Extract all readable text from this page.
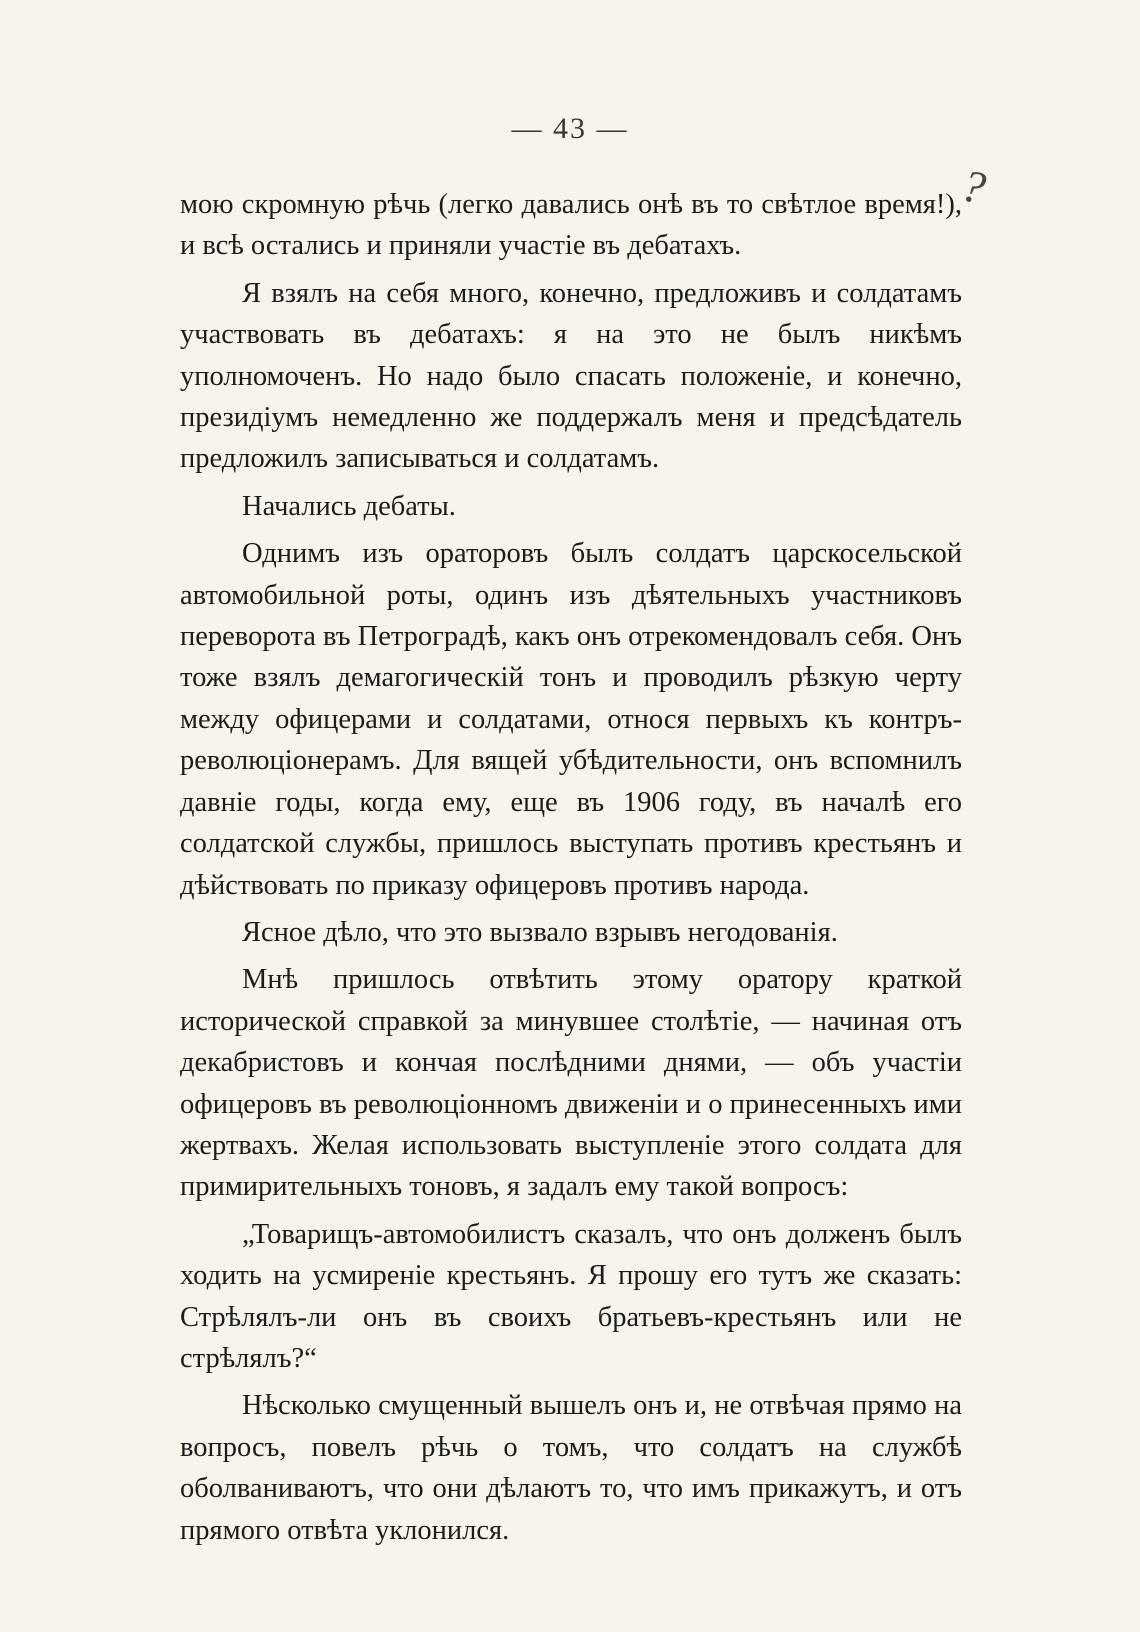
— 43 —
?

мою скромную рѣчь (легко давались онѣ въ то свѣтлое время!), и всѣ остались и приняли участіе въ дебатахъ.

Я взялъ на себя много, конечно, предложивъ и солдатамъ участвовать въ дебатахъ: я на это не былъ никѣмъ уполномоченъ. Но надо было спасать положеніе, и конечно, президіумъ немедленно же поддержалъ меня и предсѣдатель предложилъ записываться и солдатамъ.

Начались дебаты.

Однимъ изъ ораторовъ былъ солдатъ царскосельской автомобильной роты, одинъ изъ дѣятельныхъ участниковъ переворота въ Петроградѣ, какъ онъ отрекомендовалъ себя. Онъ тоже взялъ демагогическій тонъ и проводилъ рѣзкую черту между офицерами и солдатами, относя первыхъ къ контръ-революціонерамъ. Для вящей убѣдительности, онъ вспомнилъ давніе годы, когда ему, еще въ 1906 году, въ началѣ его солдатской службы, пришлось выступать противъ крестьянъ и дѣйствовать по приказу офицеровъ противъ народа.

Ясное дѣло, что это вызвало взрывъ негодованія.

Мнѣ пришлось отвѣтить этому оратору краткой исторической справкой за минувшее столѣтіе, — начиная отъ декабристовъ и кончая послѣдними днями, — объ участіи офицеровъ въ революціонномъ движеніи и о принесенныхъ ими жертвахъ. Желая использовать выступленіе этого солдата для примирительныхъ тоновъ, я задалъ ему такой вопросъ:

„Товарищъ-автомобилистъ сказалъ, что онъ долженъ былъ ходить на усмиреніе крестьянъ. Я прошу его тутъ же сказать: Стрѣлялъ-ли онъ въ своихъ братьевъ-крестьянъ или не стрѣлялъ?“

Нѣсколько смущенный вышелъ онъ и, не отвѣчая прямо на вопросъ, повелъ рѣчь о томъ, что солдатъ на службѣ оболваниваютъ, что они дѣлаютъ то, что имъ прикажутъ, и отъ прямого отвѣта уклонился.
